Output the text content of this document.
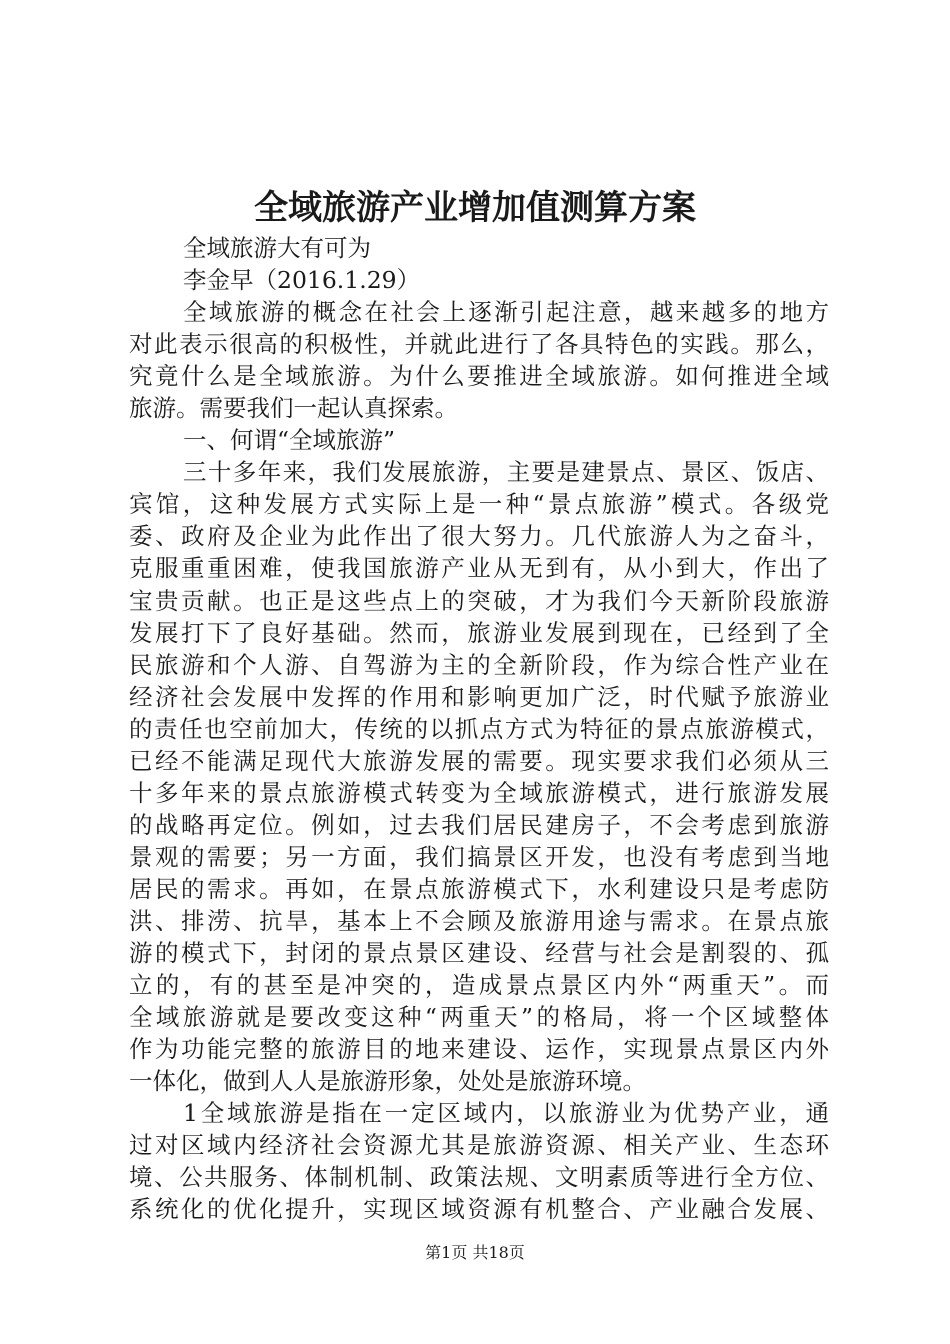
全域旅游产业增加值测算方案
全域旅游大有可为
李金早（2016.1.29）
全域旅游的概念在社会上逐渐引起注意，越来越多的地方
对此表示很高的积极性，并就此进行了各具特色的实践。那么，
究竟什么是全域旅游。为什么要推进全域旅游。如何推进全域
旅游。需要我们一起认真探索。
一、何谓“全域旅游”
三十多年来，我们发展旅游，主要是建景点、景区、饭店、
宾馆，这种发展方式实际上是一种“景点旅游”模式。各级党
委、政府及企业为此作出了很大努力。几代旅游人为之奋斗，
克服重重困难，使我国旅游产业从无到有，从小到大，作出了
宝贵贡献。也正是这些点上的突破，才为我们今天新阶段旅游
发展打下了良好基础。然而，旅游业发展到现在，已经到了全
民旅游和个人游、自驾游为主的全新阶段，作为综合性产业在
经济社会发展中发挥的作用和影响更加广泛，时代赋予旅游业
的责任也空前加大，传统的以抓点方式为特征的景点旅游模式，
已经不能满足现代大旅游发展的需要。现实要求我们必须从三
十多年来的景点旅游模式转变为全域旅游模式，进行旅游发展
的战略再定位。例如，过去我们居民建房子，不会考虑到旅游
景观的需要；另一方面，我们搞景区开发，也没有考虑到当地
居民的需求。再如，在景点旅游模式下，水利建设只是考虑防
洪、排涝、抗旱，基本上不会顾及旅游用途与需求。在景点旅
游的模式下，封闭的景点景区建设、经营与社会是割裂的、孤
立的，有的甚至是冲突的，造成景点景区内外“两重天”。而
全域旅游就是要改变这种“两重天”的格局，将一个区域整体
作为功能完整的旅游目的地来建设、运作，实现景点景区内外
一体化，做到人人是旅游形象，处处是旅游环境。
1全域旅游是指在一定区域内，以旅游业为优势产业，通
过对区域内经济社会资源尤其是旅游资源、相关产业、生态环
境、公共服务、体制机制、政策法规、文明素质等进行全方位、
系统化的优化提升，实现区域资源有机整合、产业融合发展、
第1页 共18页
